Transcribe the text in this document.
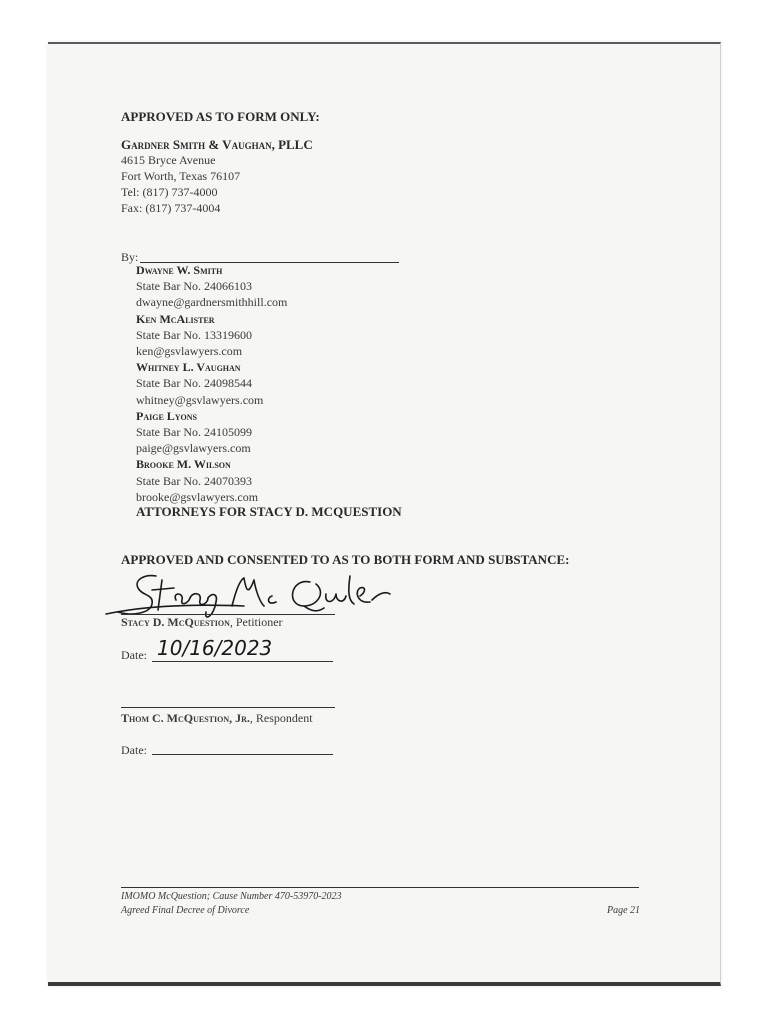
APPROVED AS TO FORM ONLY:
Gardner Smith & Vaughan, PLLC
4615 Bryce Avenue
Fort Worth, Texas 76107
Tel: (817) 737-4000
Fax: (817) 737-4004
By:
Dwayne W. Smith
State Bar No. 24066103
dwayne@gardnersmithhill.com
Ken McAlister
State Bar No. 13319600
ken@gsvlawyers.com
Whitney L. Vaughan
State Bar No. 24098544
whitney@gsvlawyers.com
Paige Lyons
State Bar No. 24105099
paige@gsvlawyers.com
Brooke M. Wilson
State Bar No. 24070393
brooke@gsvlawyers.com
ATTORNEYS FOR STACY D. MCQUESTION
APPROVED AND CONSENTED TO AS TO BOTH FORM AND SUBSTANCE:
Stacy D. McQuestion, Petitioner
Date: 10/16/2023
Thom C. McQuestion, Jr., Respondent
Date:
IMOMO McQuestion; Cause Number 470-53970-2023
Agreed Final Decree of Divorce	Page 21
